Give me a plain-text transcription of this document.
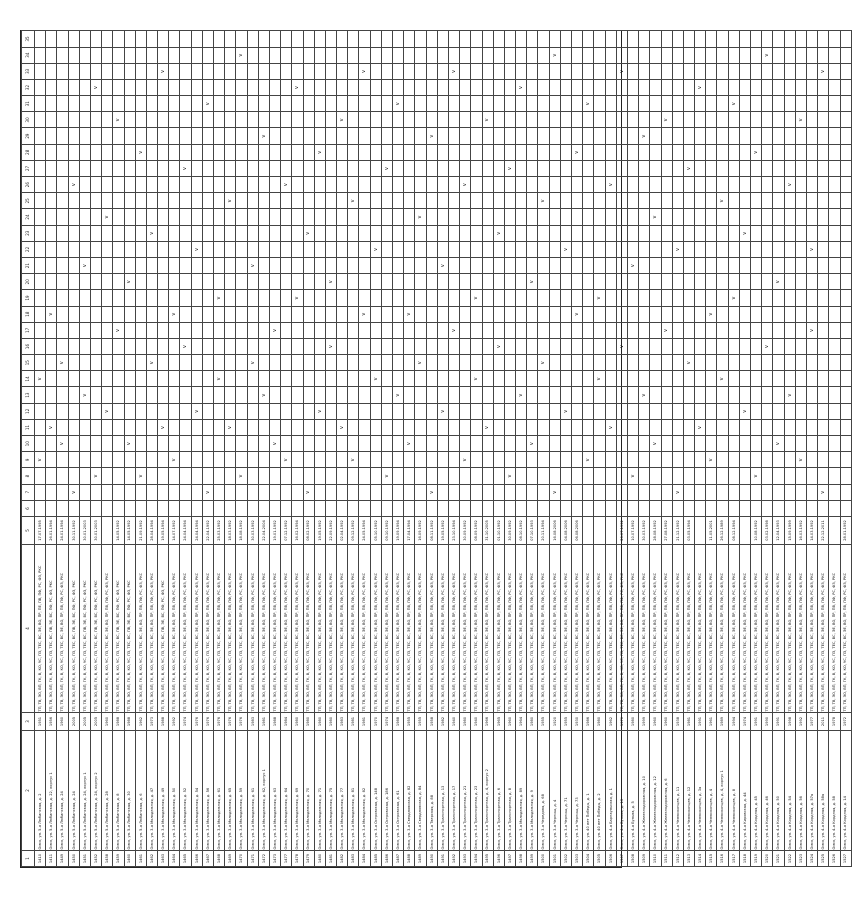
1	2	3	4	5	6	7	8	9	10	11	12	13	14	15	16	17	18	19	20	21	22	23	24	25	26	27	28	29	30	31	32	33	34	35
1410	Омск, ул. 5-я Любинская, д. 2	1951	ТП, ТВ, ЭО, ВП, ГК, В, КО, УС, ПЗ, ТЕС, ВС, ЭЕ, ВО, ПР, ПЕ, ПВ, ПФ, РС, ФЗ, РКС	17.07.1995				v					v																					
1411	Омск, ул. 5-я Любинская, д. 22, корпус 1	1956	ТП, ТВ, ЭО, ВП, ГК, В, КО, УС, ПЗ, ТЕС, ВС, ПВ, ЭЕ, ВС, ПФ, РС, ФЗ, РКС	26.01.1994						v							v																	
1449	Омск, ул. 5-я Любинская, д. 24	1960	ТП, ТВ, ЭО, ВП, ГК, В, КО, УС, ПЗ, ТЕС, ВС, ЭЕ, ВО, ПР, ПВ, ПФ, РС, ФЗ, РКС	24.01.1994					v					v																				
1450	Омск, ул. 5-я Любинская, д. 24	2005	ТП, ТВ, ЭО, ВП, ГК, В, КО, УС, ПЗ, ТЕС, ВС, ПВ, ЭЕ, ВС, ПФ, РС, ФЗ, РКС	30.11.1992		v																			v									
1451	Омск, ул. 5-я Любинская, д. 24, корпус 1	2005	ТП, ТВ, ЭО, ВП, ГК, В, КО, УС, ПЗ, ТЕС, ВС, ПВ, ЭЕ, ВС, ПФ, РС, ФЗ, РКС	30.01.2003								v								v														
1452	Омск, ул. 5-я Любинская, д. 24, корпус 2	2005	ТП, ТВ, ЭО, ВП, ГК, В, КО, УС, ПЗ, ТЕС, ВС, ПВ, ЭЕ, ВС, ПФ, РС, ФЗ, РКС	30.01.2003			v																								v			
1458	Омск, ул. 5-я Любинская, д. 28	1960	ТП, ТВ, ЭО, ВП, ГК, В, КО, УС, ПЗ, ТЕС, ВС, ЭЕ, ВО, ПР, ПВ, ПФ, РС, ФЗ, РКС								v												v											
1459	Омск, ул. 5-я Любинская, д. 8	1988	ТП, ТВ, ЭО, ВП, ГК, В, КО, УС, ПЗ, ТЕС, ВС, ПВ, ЭЕ, ВС, ПФ, РС, ФЗ, РКС	14.05.1992												v													v					
1460	Омск, ул. 5-я Любинская, д. 30	1988	ТП, ТВ, ЭО, ВП, ГК, В, КО, УС, ПЗ, ТЕС, ВС, ПВ, ЭЕ, ВС, ПФ, РС, ФЗ, РКС	14.05.1992					v										v															
1461	Омск, ул. 5-я Любинская, д. 6	1962	ТП, ТВ, ЭО, ВП, ГК, В, КО, УС, ПЗ, ТЕС, ВС, ЭЕ, ВО, ПР, ПВ, ПФ, РС, ФЗ, РКС	21.09.1992			v																				v							
1462	Омск, ул. 3-я Молодежная, д. 47	1973	ТП, ТВ, ЭО, ВП, ГК, В, КО, УС, ПЗ, ТЕС, ВС, ЭЕ, ВО, ПР, ПВ, ПФ, РС, ФЗ, РКС	28.04.1994										v								v												
1463	Омск, ул. 3-я Молодежная, д. 49	1988	ТП, ТВ, ЭО, ВП, ГК, В, КО, УС, ПЗ, ТЕС, ВС, ПВ, ЭЕ, ВС, ПФ, РС, ФЗ, РКС	19.05.1994						v																						v		
1464	Омск, ул. 3-я Молодежная, д. 50	1992	ТП, ТВ, ЭО, ВП, ГК, В, КО, УС, ПЗ, ТЕС, ВС, ЭЕ, ВО, ПР, ПВ, ПФ, РС, ФЗ, РКС	14.07.1992				v									v																	
1465	Омск, ул. 3-я Молодежная, д. 52	1974	ТП, ТВ, ЭО, ВП, ГК, В, КО, УС, ПЗ, ТЕС, ВС, ЭЕ, ВО, ПР, ПВ, ПФ, РС, ФЗ, РКС	24.04.1994											v											v								
1466	Омск, ул. 3-я Молодежная, д. 54	1976	ТП, ТВ, ЭО, ВП, ГК, В, КО, УС, ПЗ, ТЕС, ВС, ЭЕ, ВО, ПР, ПВ, ПФ, РС, ФЗ, РКС	24.04.1994							v										v													
1467	Омск, ул. 3-я Молодежная, д. 56	1976	ТП, ТВ, ЭО, ВП, ГК, В, КО, УС, ПЗ, ТЕС, ВС, ЭЕ, ВО, ПР, ПВ, ПФ, РС, ФЗ, РКС	22.04.1992		v																								v				
1468	Омск, ул. 3-я Молодежная, д. 61	1976	ТП, ТВ, ЭО, ВП, ГК, В, КО, УС, ПЗ, ТЕС, ВС, ЭЕ, ВО, ПР, ПВ, ПФ, РС, ФЗ, РКС	25.03.1992									v					v																
1469	Омск, ул. 3-я Молодежная, д. 65	1976	ТП, ТВ, ЭО, ВП, ГК, В, КО, УС, ПЗ, ТЕС, ВС, ЭЕ, ВО, ПР, ПВ, ПФ, РС, ФЗ, РКС	18.03.1992						v														v										
1470	Омск, ул. 3-я Молодежная, д. 59	1976	ТП, ТВ, ЭО, ВП, ГК, В, КО, УС, ПЗ, ТЕС, ВС, ЭЕ, ВО, ПР, ПВ, ПФ, РС, ФЗ, РКС	18.08.1992			v																										v	
1471	Омск, ул. 3-я Молодежная, д. 61	1983	ТП, ТВ, ЭО, ВП, ГК, В, КО, УС, ПЗ, ТЕС, ВС, ЭЕ, ВО, ПР, ПВ, ПФ, РС, ФЗ, РКС	30.03.1992										v						v														
1472	Омск, ул. 3-я Молодежная, д. 62, корпус 1	1981	ТП, ТВ, ЭО, ВП, ГК, В, КО, УС, ПЗ, ТЕС, ВС, ЭЕ, ВО, ПР, ПВ, ПФ, РС, ФЗ, РКС	22.04.2004								v																v						
1473	Омск, ул. 3-я Молодежная, д. 63	1988	ТП, ТВ, ЭО, ВП, ГК, В, КО, УС, ПЗ, ТЕС, ВС, ЭЕ, ВО, ПР, ПВ, ПФ, РС, ФЗ, РКС	19.01.1992					v							v																		
1477	Омск, ул. 3-я Молодежная, д. 64	1984	ТП, ТВ, ЭО, ВП, ГК, В, КО, УС, ПЗ, ТЕС, ВС, ЭЕ, ВО, ПР, ПВ, ПФ, РС, ФЗ, РКС	07.12.1992				v																	v									
1478	Омск, ул. 3-я Молодежная, д. 69	1980	ТП, ТВ, ЭО, ВП, ГК, В, КО, УС, ПЗ, ТЕС, ВС, ЭЕ, ВО, ПР, ПВ, ПФ, РС, ФЗ, РКС	16.02.1994														v													v			
1479	Омск, ул. 3-я Молодежная, д. 70	1980	ТП, ТВ, ЭО, ВП, ГК, В, КО, УС, ПЗ, ТЕС, ВС, ЭЕ, ВО, ПР, ПВ, ПФ, РС, ФЗ, РКС	08.02.1992		v																v												
1480	Омск, ул. 3-я Молодежная, д. 71	1980	ТП, ТВ, ЭО, ВП, ГК, В, КО, УС, ПЗ, ТЕС, ВС, ЭЕ, ВО, ПР, ПВ, ПФ, РС, ФЗ, РКС	19.05.1992							v																v							
1481	Омск, ул. 3-я Молодежная, д. 75	1980	ТП, ТВ, ЭО, ВП, ГК, В, КО, УС, ПЗ, ТЕС, ВС, ЭЕ, ВО, ПР, ПВ, ПФ, РС, ФЗ, РКС	22.09.1992											v				v															
1482	Омск, ул. 3-я Молодежная, д. 77	1983	ТП, ТВ, ЭО, ВП, ГК, В, КО, УС, ПЗ, ТЕС, ВС, ЭЕ, ВО, ПР, ПВ, ПФ, РС, ФЗ, РКС	02.04.1992						v																			v					
1483	Омск, ул. 3-я Молодежная, д. 81	1981	ТП, ТВ, ЭО, ВП, ГК, В, КО, УС, ПЗ, ТЕС, ВС, ЭЕ, ВО, ПР, ПВ, ПФ, РС, ФЗ, РКС	09.12.1992				v																v										
1484	Омск, ул. 3-я Молодежная, д. 82	1981	ТП, ТВ, ЭО, ВП, ГК, В, КО, УС, ПЗ, ТЕС, ВС, ЭЕ, ВО, ПР, ПВ, ПФ, РС, ФЗ, РКС	24.05.1994													v															v		
1485	Омск, ул. 3-я Островская, д. 148	1970	ТП, ТВ, ЭО, ВП, ГК, В, КО, УС, ПЗ, ТЕС, ВС, ЭЕ, ВО, ПР, ПВ, ПФ, РС, ФЗ, РКС	05.10.1992									v								v													
1486	Омск, ул. 3-я Островская, д. 186	1974	ТП, ТВ, ЭО, ВП, ГК, В, КО, УС, ПЗ, ТЕС, ВС, ЭЕ, ВО, ПР, ПВ, ПФ, РС, ФЗ, РКС	09.10.1992			v																			v								
1487	Омск, ул. 3-я Островская, д. 61	1988	ТП, ТВ, ЭО, ВП, ГК, В, КО, УС, ПЗ, ТЕС, ВС, ЭЕ, ВО, ПР, ПВ, ПФ, РС, ФЗ, РКС	19.09.1994								v																		v				
1488	Омск, ул. 3-я Свердловская, д. 82	1955	ТП, ТВ, ЭО, ВП, ГК, В, КО, УС, ПЗ, ТЕС, ВС, ЭЕ, ВО, ПР, ПВ, ПФ, РС, ФЗ, РКС	17.04.1994					v								v																	
1489	Омск, ул. 3-я Свердловская, д. 84	1955	ТП, ТВ, ЭО, ВП, ГК, В, КО, УС, ПЗ, ТЕС, ВС, ЭЕ, ВО, ПР, ПВ, ПФ, РС, ФЗ, РКС	16.09.1992										v									v											
1490	Омск, ул. 3-я Тверская, д. 88	1958	ТП, ТВ, ЭО, ВП, ГК, В, КО, УС, ПЗ, ТЕС, ВС, ЭЕ, ВО, ПР, ПВ, ПФ, РС, ФЗ, РКС	08.11.1992		v																						v						
1491	Омск, ул. 3-я Транспортная, д. 13	1982	ТП, ТВ, ЭО, ВП, ГК, В, КО, УС, ПЗ, ТЕС, ВС, ЭЕ, ВО, ПР, ПВ, ПФ, РС, ФЗ, РКС	19.05.1992							v									v														
1492	Омск, ул. 3-я Транспортная, д. 17	1940	ТП, ТВ, ЭО, ВП, ГК, В, КО, УС, ПЗ, ТЕС, ВС, ЭЕ, ВО, ПР, ПВ, ПФ, РС, ФЗ, РКС	23.10.1994												v																v		
1493	Омск, ул. 3-я Транспортная, д. 21	1980	ТП, ТВ, ЭО, ВП, ГК, В, КО, УС, ПЗ, ТЕС, ВС, ЭЕ, ВО, ПР, ПВ, ПФ, РС, ФЗ, РКС	30.09.1992				v																	v									
1494	Омск, ул. 3-я Транспортная, д. 23	1940	ТП, ТВ, ЭО, ВП, ГК, В, КО, УС, ПЗ, ТЕС, ВС, ЭЕ, ВО, ПР, ПВ, ПФ, РС, ФЗ, РКС	08.09.1992									v					v																
1495	Омск, ул. 3-я Транспортная, д. 4, корпус 2	1966	ТП, ТВ, ЭО, ВП, ГК, В, КО, УС, ПЗ, ТЕС, ВС, ЭЕ, ВО, ПР, ПВ, ПФ, РС, ФЗ, РКС	31.10.2005						v																			v					
1496	Омск, ул. 3-я Транспортная, д. 6	1965	ТП, ТВ, ЭО, ВП, ГК, В, КО, УС, ПЗ, ТЕС, ВС, ЭЕ, ВО, ПР, ПВ, ПФ, РС, ФЗ, РКС	01.10.1992											v							v												
1497	Омск, ул. 3-я Транспортная, д. 8	1960	ТП, ТВ, ЭО, ВП, ГК, В, КО, УС, ПЗ, ТЕС, ВС, ЭЕ, ВО, ПР, ПВ, ПФ, РС, ФЗ, РКС	30.09.1992			v																			v								
1498	Омск, ул. 3-я Молодежная, д. 89	1964	ТП, ТВ, ЭО, ВП, ГК, В, КО, УС, ПЗ, ТЕС, ВС, ЭЕ, ВО, ПР, ПВ, ПФ, РС, ФЗ, РКС	08.10.1992								v																			v			
1499	Омск, ул. 3-я Молодежная, д. 9	1980	ТП, ТВ, ЭО, ВП, ГК, В, КО, УС, ПЗ, ТЕС, ВС, ЭЕ, ВО, ПР, ПВ, ПФ, РС, ФЗ, РКС	07.10.1993					v										v															
1500	Омск, ул. 3-я Чередова, д. 68	1955	ТП, ТВ, ЭО, ВП, ГК, В, КО, УС, ПЗ, ТЕС, ВС, ЭЕ, ВО, ПР, ПВ, ПФ, РС, ФЗ, РКС	20.11.1994										v										v										
1501	Омск, ул. 3-я Черниш, д. 4	1920	ТП, ТВ, ЭО, ВП, ГК, В, КО, УС, ПЗ, ТЕС, ВС, ЭЕ, ВО, ПР, ПВ, ПФ, РС, ФЗ, РКС	16.08.2006		v																											v	
1502	Омск, ул. 3-я Черниш, д. 71	1955	ТП, ТВ, ЭО, ВП, ГК, В, КО, УС, ПЗ, ТЕС, ВС, ЭЕ, ВО, ПР, ПВ, ПФ, РС, ФЗ, РКС	04.08.2006							v										v													
1503	Омск, ул. 3-я Черниш, д. 73	1930	ТП, ТВ, ЭО, ВП, ГК, В, КО, УС, ПЗ, ТЕС, ВС, ЭЕ, ВО, ПР, ПВ, ПФ, РС, ФЗ, РКС	06.08.2006													v										v							
1504	Омск, ул. 40 лет Победы, д. 1	1986	ТП, ТВ, ЭО, ВП, ГК, В, КО, УС, ПЗ, ТЕС, ВС, ЭЕ, ВО, ПР, ПВ, ПФ, РС, ФЗ, РКС					v																						v				
1505	Омск, ул. 40 лет Победы, д. 2	1980	ТП, ТВ, ЭО, ВП, ГК, В, КО, УС, ПЗ, ТЕС, ВС, ЭЕ, ВО, ПР, ПВ, ПФ, РС, ФЗ, РКС										v					v																
1506	Омск, ул. 4-я Барнаульская, д. 1	1962	ТП, ТВ, ЭО, ВП, ГК, В, КО, УС, ПЗ, ТЕС, ВС, ЭЕ, ВО, ПР, ПВ, ПФ, РС, ФЗ, РКС							v															v									
1507	Омск, ул. 4-я Бульва, д. 13	1970	ТП, ТВ, ЭО, ВП, ГК, В, КО, УС, ПЗ, ТЕС, ВС, ЭЕ, ВО, ПР, ПВ, ПФ, РС, ФЗ, РКС	26.07.1992											v																	v		
1508	Омск, ул. 4-я Бульва, д. 5	1980	ТП, ТВ, ЭО, ВП, ГК, В, КО, УС, ПЗ, ТЕС, ВС, ЭЕ, ВО, ПР, ПВ, ПФ, РС, ФЗ, РКС	10.07.1992			v													v														
1509	Омск, ул. 4-я Железнодорожная, д. 10	1999	ТП, ТВ, ЭО, ВП, ГК, В, КО, УС, ПЗ, ТЕС, ВС, ЭЕ, ВО, ПР, ПВ, ПФ, РС, ФЗ, РКС	30.03.1992								v																v						
1510	Омск, ул. 4-я Железнодорожная, д. 12	1960	ТП, ТВ, ЭО, ВП, ГК, В, КО, УС, ПЗ, ТЕС, ВС, ЭЕ, ВО, ПР, ПВ, ПФ, РС, ФЗ, РКС	28.08.1992					v														v											
1511	Омск, ул. 4-я Железнодорожная, д. 6	1960	ТП, ТВ, ЭО, ВП, ГК, В, КО, УС, ПЗ, ТЕС, ВС, ЭЕ, ВО, ПР, ПВ, ПФ, РС, ФЗ, РКС	27.08.1992												v													v					
1512	Омск, ул. 4-я Челюскинцев, д. 11	1938	ТП, ТВ, ЭО, ВП, ГК, В, КО, УС, ПЗ, ТЕС, ВС, ЭЕ, ВО, ПР, ПВ, ПФ, РС, ФЗ, РКС	21.12.1992		v															v													
1513	Омск, ул. 4-я Челюскинцев, д. 12	1981	ТП, ТВ, ЭО, ВП, ГК, В, КО, УС, ПЗ, ТЕС, ВС, ЭЕ, ВО, ПР, ПВ, ПФ, РС, ФЗ, РКС	03.05.1994										v												v								
1514	Омск, ул. 4-я Челюскинцев, д. 3а	1991	ТП, ТВ, ЭО, ВП, ГК, В, КО, УС, ПЗ, ТЕС, ВС, ЭЕ, ВО, ПР, ПВ, ПФ, РС, ФЗ, РКС							v																					v			
1515	Омск, ул. 4-я Челюскинцев, д. 4	1961	ТП, ТВ, ЭО, ВП, ГК, В, КО, УС, ПЗ, ТЕС, ВС, ЭЕ, ВО, ПР, ПВ, ПФ, РС, ФЗ, РКС	11.05.2001				v									v																	
1516	Омск, ул. 4-я Челюскинцев, д. 4, корпус 1	1989	ТП, ТВ, ЭО, ВП, ГК, В, КО, УС, ПЗ, ТЕС, ВС, ЭЕ, ВО, ПР, ПВ, ПФ, РС, ФЗ, РКС	26.12.1989									v											v										
1517	Омск, ул. 4-я Челюскинцев, д. 8	1994	ТП, ТВ, ЭО, ВП, ГК, В, КО, УС, ПЗ, ТЕС, ВС, ЭЕ, ВО, ПР, ПВ, ПФ, РС, ФЗ, РКС	08.12.1994														v												v				
1518	Омск, ул. 4-я Кировская, д. 44	1974	ТП, ТВ, ЭО, ВП, ГК, В, КО, УС, ПЗ, ТЕС, ВС, ЭЕ, ВО, ПР, ПВ, ПФ, РС, ФЗ, РКС								v											v												
1519	Омск, ул. 4-я Кордная, д. 45	1991	ТП, ТВ, ЭО, ВП, ГК, В, КО, УС, ПЗ, ТЕС, ВС, ЭЕ, ВО, ПР, ПВ, ПФ, РС, ФЗ, РКС	10.08.1992			v																				v							
1520	Омск, ул. 4-я Кордная, д. 46	1990	ТП, ТВ, ЭО, ВП, ГК, В, КО, УС, ПЗ, ТЕС, ВС, ЭЕ, ВО, ПР, ПВ, ПФ, РС, ФЗ, РКС	03.02.1998											v																		v	
1521	Омск, ул. 4-я Кордная, д. 50	1991	ТП, ТВ, ЭО, ВП, ГК, В, КО, УС, ПЗ, ТЕС, ВС, ЭЕ, ВО, ПР, ПВ, ПФ, РС, ФЗ, РКС	12.04.1993					v										v															
1522	Омск, ул. 4-я Кордная, д. 54	1998	ТП, ТВ, ЭО, ВП, ГК, В, КО, УС, ПЗ, ТЕС, ВС, ЭЕ, ВО, ПР, ПВ, ПФ, РС, ФЗ, РКС	15.09.1999								v													v									
1523	Омск, ул. 4-я Кордная, д. 56	1992	ТП, ТВ, ЭО, ВП, ГК, В, КО, УС, ПЗ, ТЕС, ВС, ЭЕ, ВО, ПР, ПВ, ПФ, РС, ФЗ, РКС	16.03.1992				v																					v					
1524	Омск, ул. 4-я Кордная, д. 57а	1977	ТП, ТВ, ЭО, ВП, ГК, В, КО, УС, ПЗ, ТЕС, ВС, ЭЕ, ВО, ПР, ПВ, ПФ, РС, ФЗ, РКС	14.03.1992												v					v													
1525	Омск, ул. 4-я Кордная, д. 58а	2011	ТП, ТВ, ЭО, ВП, ГК, В, КО, УС, ПЗ, ТЕС, ВС, ЭЕ, ВО, ПР, ПВ, ПФ, РС, ФЗ, РКС	22.12.2011		v																										v		
1526	Омск, ул. 4-я Кордная, д. 58	1978	ТП, ТВ, ЭО, ВП, ГК, В, КО, УС, ПЗ, ТЕС, ВС, ЭЕ, ВО, ПР, ПВ, ПФ, РС, ФЗ, РКС																															
1527	Омск, ул. 4-я Кордная, д. 14	1972	ТП, ТВ, ЭО, ВП, ГК, В, КО, УС, ПЗ, ТЕС, ВС, ЭЕ, ВО, ПР, ПВ, ПФ, РС, ФЗ, РКС	28.01.1992																														
